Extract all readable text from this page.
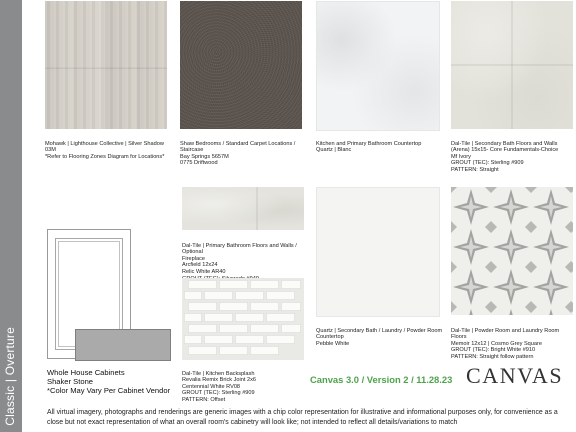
Classic | Overture

Mohawk | Lighthouse Collective | Silver Shadow 03M
*Refer to Flooring Zones Diagram for Locations*

Shaw Bedrooms / Standard Carpet Locations /
Staircase
Bay Springs 5657M
0775 Driftwood

Kitchen and Primary Bathroom Countertop
Quartz | Blanc

Dal-Tile | Secondary Bath Floors and Walls
(Arena) 15x15- Core Fundamentals-Choice
Mf Ivory
GROUT (TEC): Sterling #909
PATTERN: Straight

Dal-Tile | Primary Bathroom Floors and Walls / Optional
Fireplace
Arcfield 12x24
Relic White AR40

Dal-Tile | Kitchen Backsplash
Revalia Remix Brick Joint 2x6
Centennial White RV08
GROUT (TEC): Sterling #909
PATTERN: Offset

Quartz | Secondary Bath / Laundry / Powder Room
Countertop
Pebble White

Dal-Tile | Powder Room and Laundry Room Floors
Memoir 12x12 | Cosmo Grey Square
GROUT (TEC): Bright White #910
PATTERN: Straight follow pattern

Whole House Cabinets
Shaker Stone
*Color May Vary Per Cabinet Vendor
Canvas 3.0 / Version 2 / 11.28.23 CANVAS
All virtual imagery, photographs and renderings are generic images with a chip color representation for illustrative and informational purposes only, for convenience as a close but not exact representation of what an overall room's cabinetry will look like; not intended to reflect all details/variations to match
